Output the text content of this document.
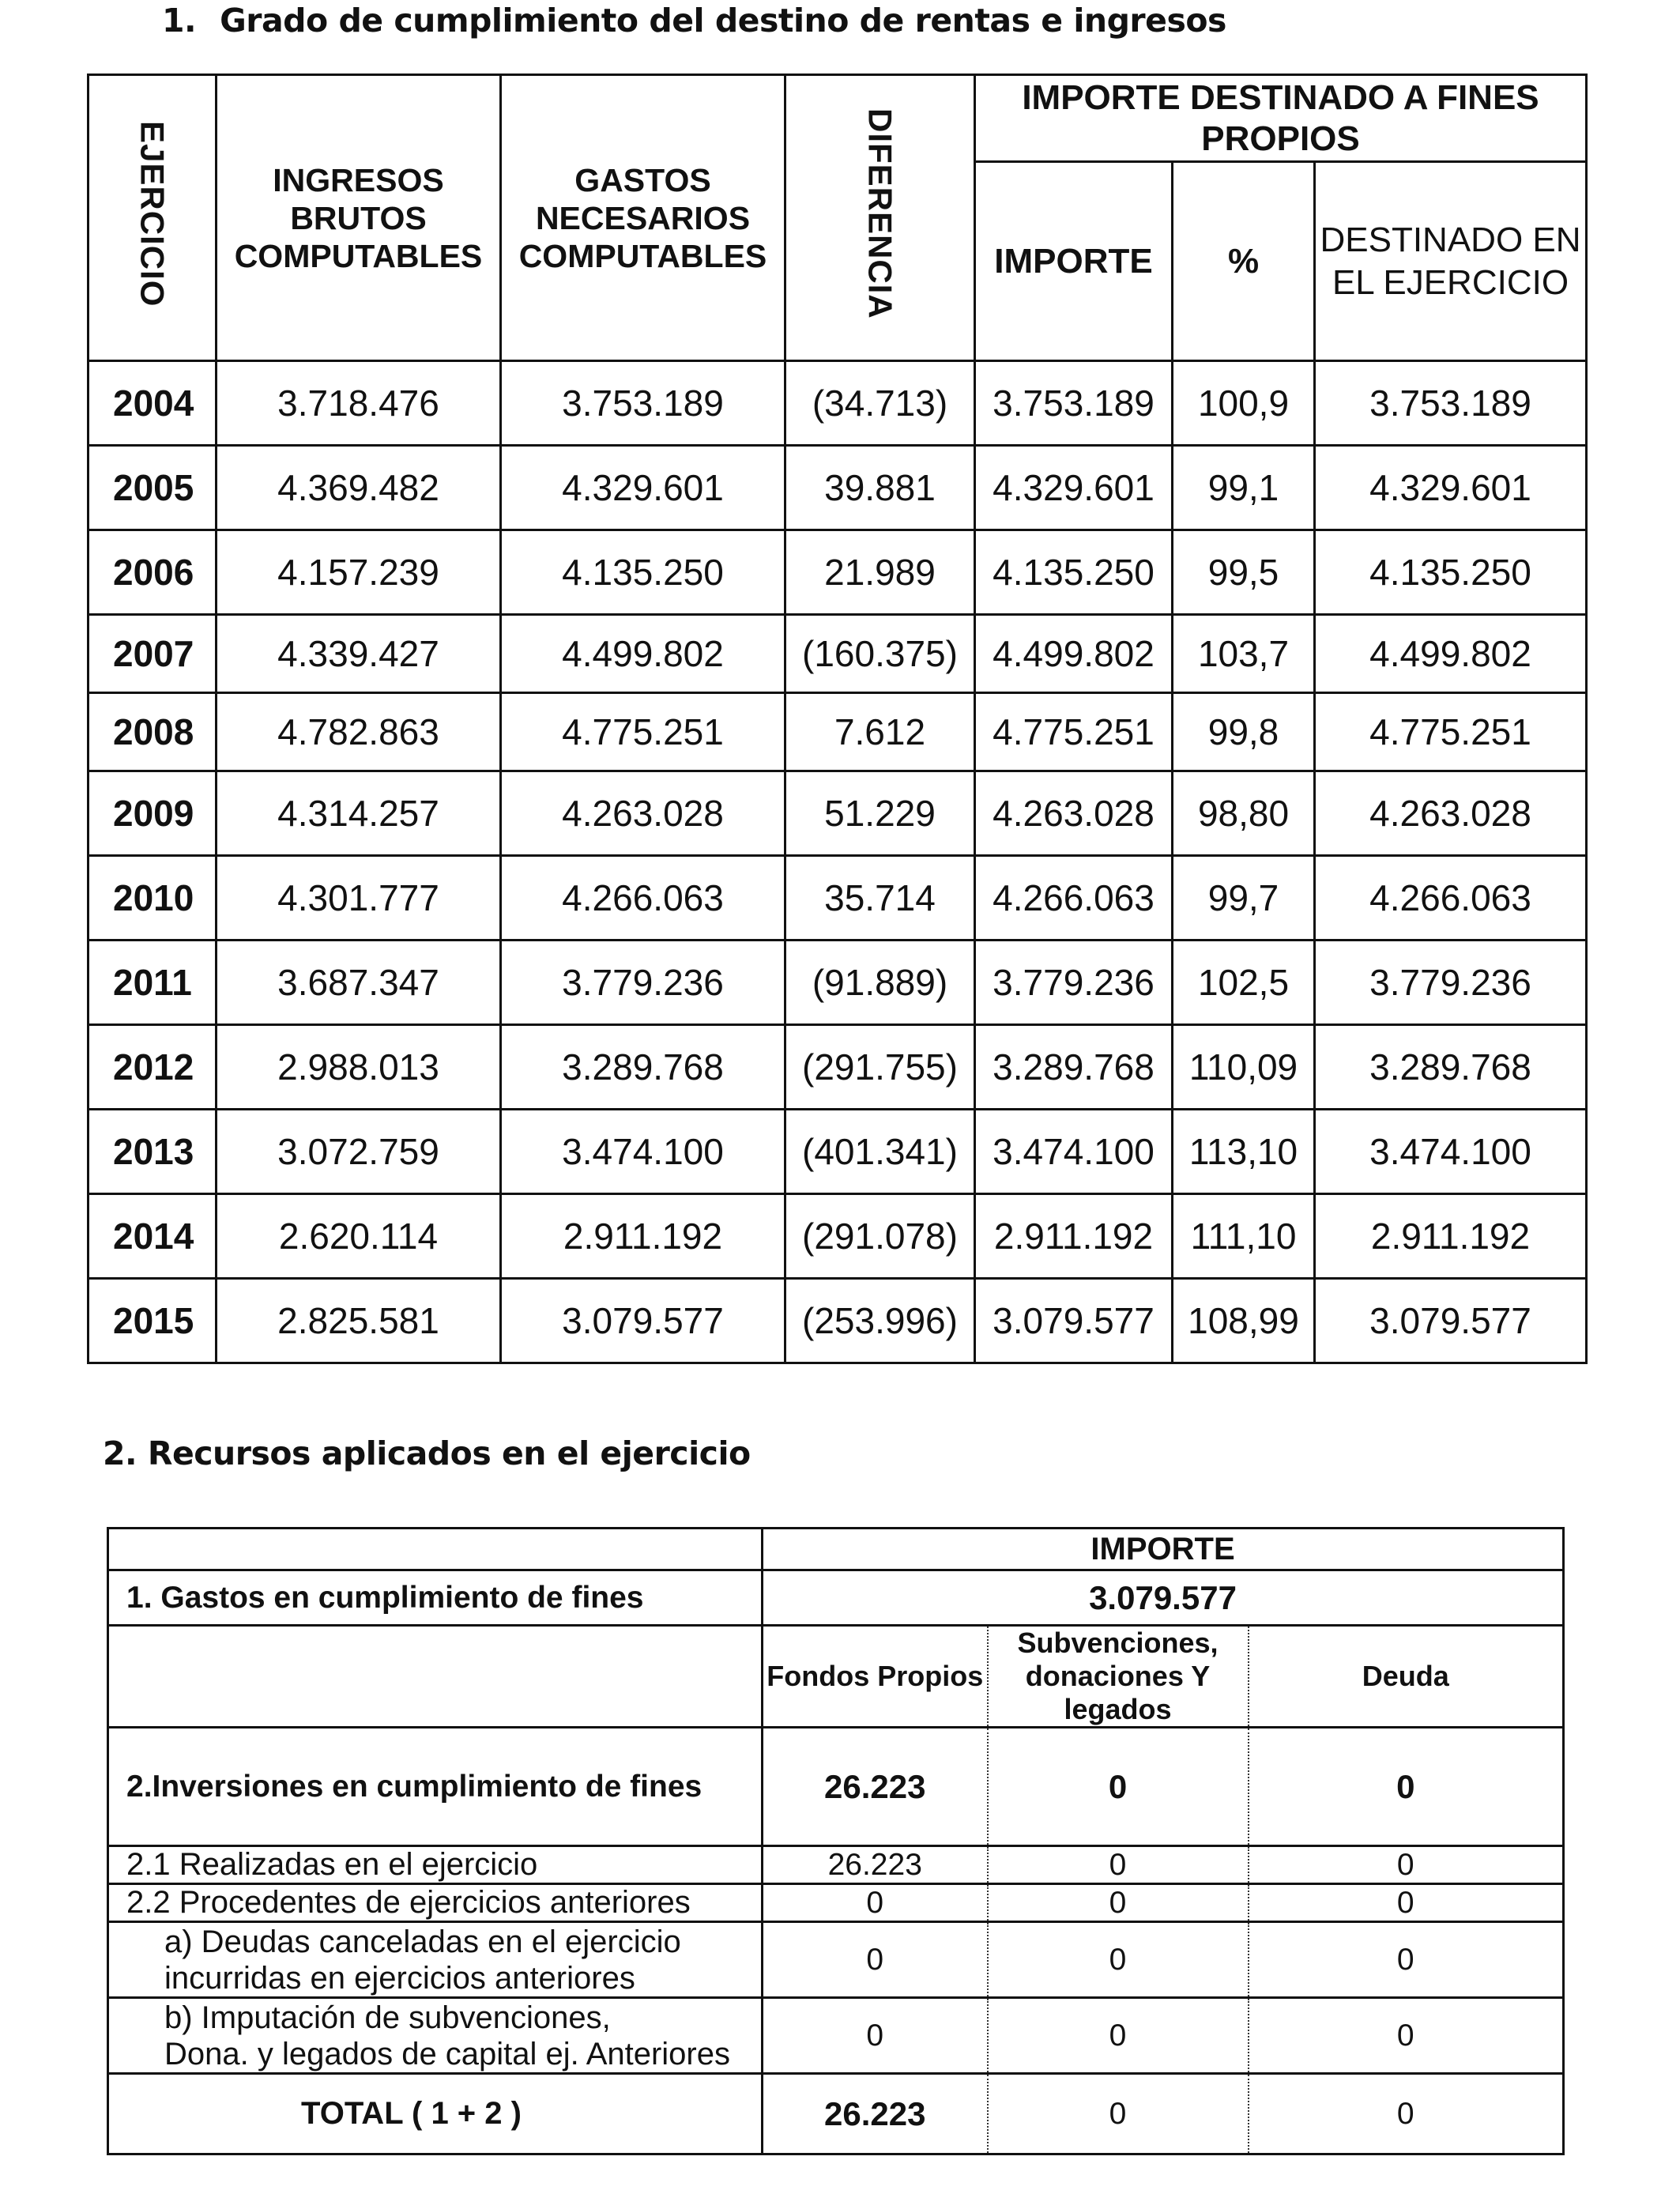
1. Grado de cumplimiento del destino de rentas e ingresos
EJERCICIO	INGRESOS BRUTOS COMPUTABLES	GASTOS NECESARIOS COMPUTABLES	DIFERENCIA	IMPORTE DESTINADO A FINES PROPIOS		
				IMPORTE	%	DESTINADO EN EL EJERCICIO
2004	3.718.476	3.753.189	(34.713)	3.753.189	100,9	3.753.189
2005	4.369.482	4.329.601	39.881	4.329.601	99,1	4.329.601
2006	4.157.239	4.135.250	21.989	4.135.250	99,5	4.135.250
2007	4.339.427	4.499.802	(160.375)	4.499.802	103,7	4.499.802
2008	4.782.863	4.775.251	7.612	4.775.251	99,8	4.775.251
2009	4.314.257	4.263.028	51.229	4.263.028	98,80	4.263.028
2010	4.301.777	4.266.063	35.714	4.266.063	99,7	4.266.063
2011	3.687.347	3.779.236	(91.889)	3.779.236	102,5	3.779.236
2012	2.988.013	3.289.768	(291.755)	3.289.768	110,09	3.289.768
2013	3.072.759	3.474.100	(401.341)	3.474.100	113,10	3.474.100
2014	2.620.114	2.911.192	(291.078)	2.911.192	111,10	2.911.192
2015	2.825.581	3.079.577	(253.996)	3.079.577	108,99	3.079.577
2. Recursos aplicados en el ejercicio
	IMPORTE		
1. Gastos en cumplimiento de fines	3.079.577		
	Fondos Propios	Subvenciones, donaciones Y legados	Deuda
2.Inversiones en cumplimiento de fines	26.223	0	0
2.1 Realizadas en el ejercicio	26.223	0	0
2.2 Procedentes de ejercicios anteriores	0	0	0

a) Deudas canceladas en el ejercicio
incurridas en ejercicios anteriores	0	0	0

b) Imputación de subvenciones,
Dona. y legados de capital ej. Anteriores	0	0	0
TOTAL ( 1 + 2 )	26.223	0	0
